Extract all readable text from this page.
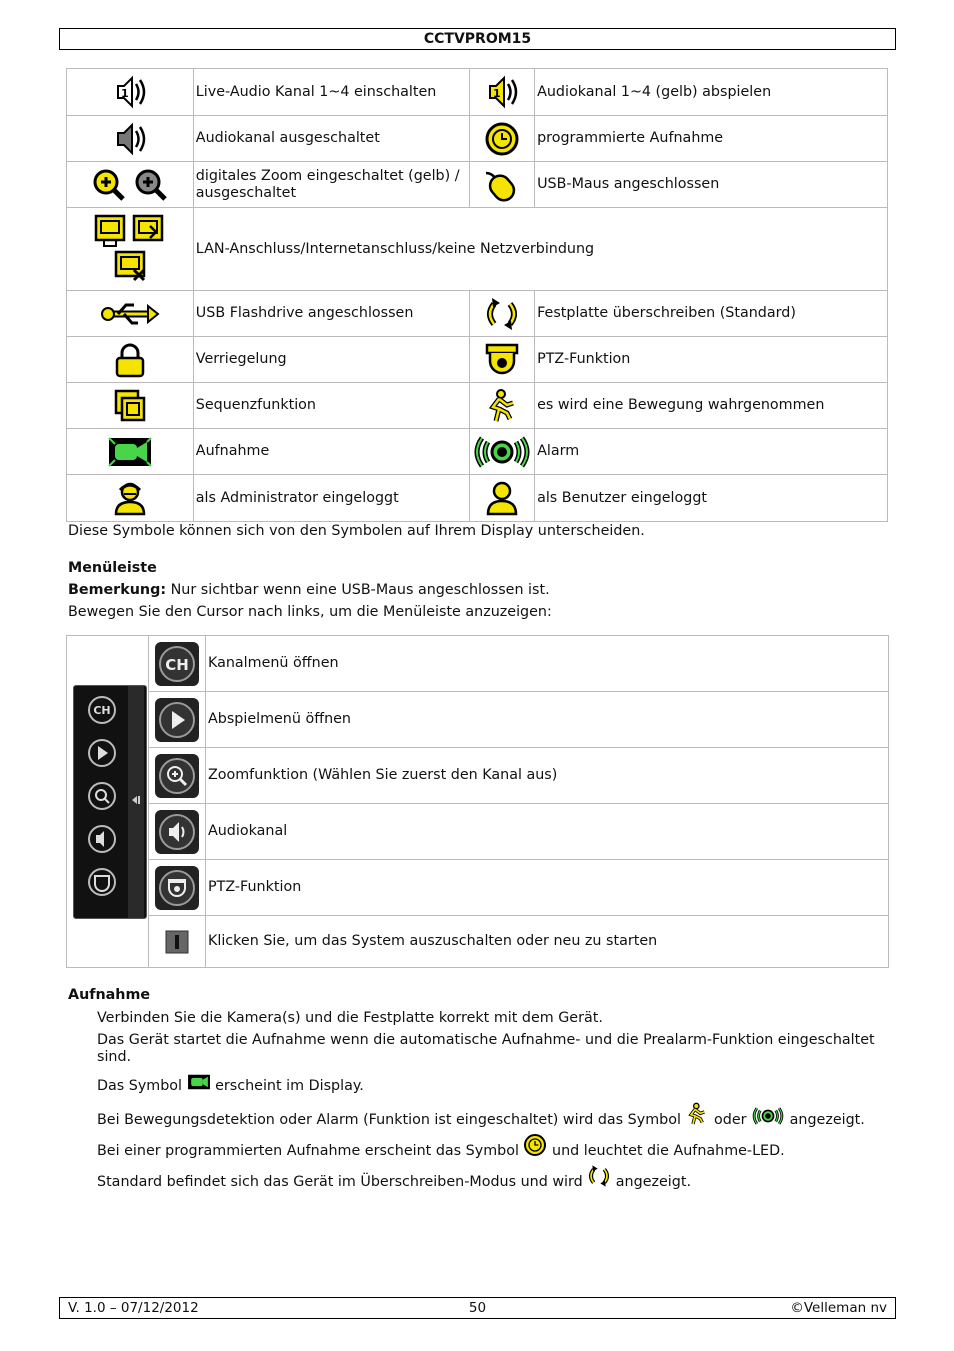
CCTVPROM15
1	Live-Audio Kanal 1~4 einschalten	1	Audiokanal 1~4 (gelb) abspielen
	Audiokanal ausgeschaltet		programmierte Aufnahme
	digitales Zoom eingeschaltet (gelb) / ausgeschaltet		USB-Maus angeschlossen
	LAN-Anschluss/Internetanschluss/keine Netzverbindung		
	USB Flashdrive angeschlossen		Festplatte überschreiben (Standard)
	Verriegelung		PTZ-Funktion
	Sequenzfunktion		es wird eine Bewegung wahrgenommen
	Aufnahme		Alarm
	als Administrator eingeloggt		als Benutzer eingeloggt
Diese Symbole können sich von den Symbolen auf Ihrem Display unterscheiden.
Menüleiste
Bemerkung: Nur sichtbar wenn eine USB-Maus angeschlossen ist.
Bewegen Sie den Cursor nach links, um die Menüleiste anzuzeigen:
CH	CH	Kanalmenü öffnen

	Abspielmenü öffnen

	Zoomfunktion (Wählen Sie zuerst den Kanal aus)

	Audiokanal

	PTZ-Funktion
	Klicken Sie, um das System auszuschalten oder neu zu starten
Aufnahme
Verbinden Sie die Kamera(s) und die Festplatte korrekt mit dem Gerät.
Das Gerät startet die Aufnahme wenn die automatische Aufnahme- und die Prealarm-Funktion eingeschaltet sind.
Das Symbol erscheint im Display.
Bei Bewegungsdetektion oder Alarm (Funktion ist eingeschaltet) wird das Symbol oder	angezeigt.
Bei einer programmierten Aufnahme erscheint das Symbol und leuchtet die Aufnahme-LED.
Standard befindet sich das Gerät im Überschreiben-Modus und wird angezeigt.
V. 1.0 – 07/12/2012	50	©Velleman nv
